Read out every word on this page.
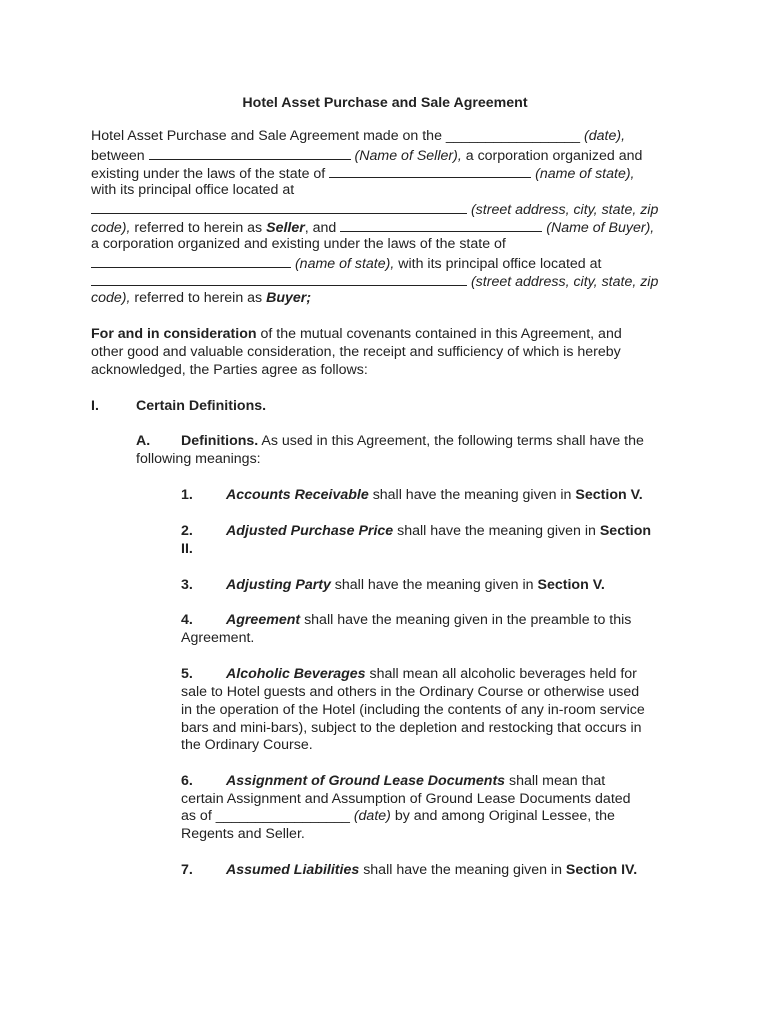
Hotel Asset Purchase and Sale Agreement
Hotel Asset Purchase and Sale Agreement made on the _________________ (date),
between	(Name of Seller), a corporation organized and
existing under the laws of the state of	(name of state),
with its principal office located at
(street address, city, state, zip
code), referred to herein as Seller, and	(Name of Buyer),
a corporation organized and existing under the laws of the state of
(name of state), with its principal office located at
(street address, city, state, zip
code), referred to herein as Buyer;
For and in consideration of the mutual covenants contained in this Agreement, and
other good and valuable consideration, the receipt and sufficiency of which is hereby
acknowledged, the Parties agree as follows:
I.	Certain Definitions.
A. Definitions. As used in this Agreement, the following terms shall have the
following meanings:
1. Accounts Receivable shall have the meaning given in Section V.
2. Adjusted Purchase Price shall have the meaning given in Section
II.
3. Adjusting Party shall have the meaning given in Section V.
4. Agreement shall have the meaning given in the preamble to this
Agreement.
5. Alcoholic Beverages shall mean all alcoholic beverages held for
sale to Hotel guests and others in the Ordinary Course or otherwise used
in the operation of the Hotel (including the contents of any in-room service
bars and mini-bars), subject to the depletion and restocking that occurs in
the Ordinary Course.
6. Assignment of Ground Lease Documents shall mean that
certain Assignment and Assumption of Ground Lease Documents dated
as of _________________ (date) by and among Original Lessee, the
Regents and Seller.
7. Assumed Liabilities shall have the meaning given in Section IV.
